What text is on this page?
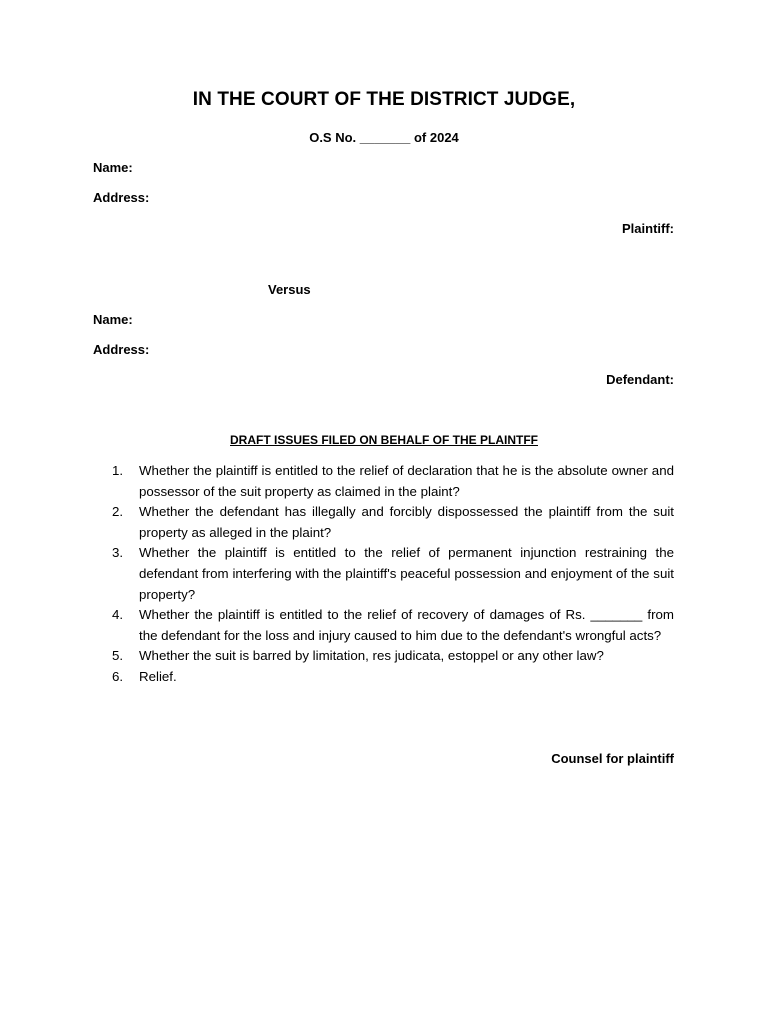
IN THE COURT OF THE DISTRICT JUDGE,
O.S No. _______ of 2024
Name:
Address:
Plaintiff:
Versus
Name:
Address:
Defendant:
DRAFT ISSUES FILED ON BEHALF OF THE PLAINTFF
1.	Whether the plaintiff is entitled to the relief of declaration that he is the absolute owner and possessor of the suit property as claimed in the plaint?
2.	Whether the defendant has illegally and forcibly dispossessed the plaintiff from the suit property as alleged in the plaint?
3.	Whether the plaintiff is entitled to the relief of permanent injunction restraining the defendant from interfering with the plaintiff's peaceful possession and enjoyment of the suit property?
4.	Whether the plaintiff is entitled to the relief of recovery of damages of Rs. _______ from the defendant for the loss and injury caused to him due to the defendant's wrongful acts?
5.	Whether the suit is barred by limitation, res judicata, estoppel or any other law?
6.	Relief.
Counsel for plaintiff
